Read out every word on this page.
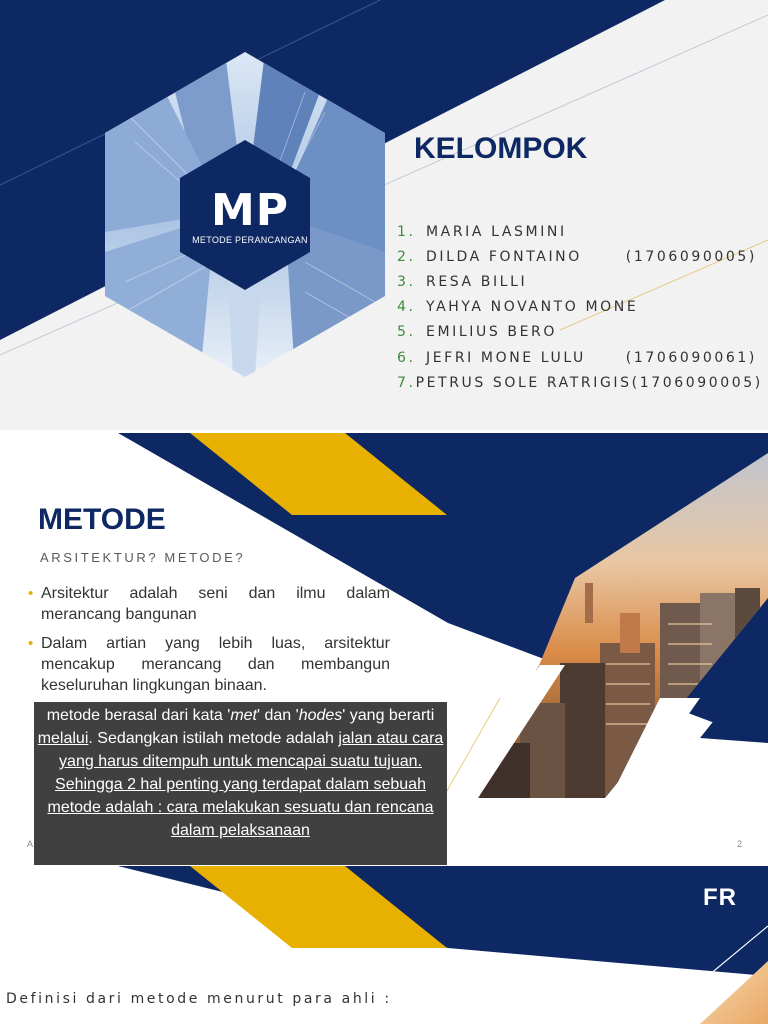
MP
METODE PERANCANGAN
KELOMPOK
1. MARIA LASMINI
2. DILDA FONTAINO	(1706090005)
3. RESA BILLI
4. YAHYA NOVANTO MONE
5. EMILIUS BERO
6. JEFRI MONE LULU	(1706090061)
7. PETRUS SOLE RATRIGIS (1706090005)
METODE
ARSITEKTUR? METODE?
• Arsitektur adalah seni dan ilmu dalam merancang bangunan
• Dalam artian yang lebih luas, arsitektur mencakup merancang dan membangun keseluruhan lingkungan binaan.
A	2
metode berasal dari kata 'met' dan 'hodes' yang berarti melalui. Sedangkan istilah metode adalah jalan atau cara yang harus ditempuh untuk mencapai suatu tujuan.
Sehingga 2 hal penting yang terdapat dalam sebuah metode adalah : cara melakukan sesuatu dan rencana dalam pelaksanaan
FR
Definisi dari metode menurut para ahli :
